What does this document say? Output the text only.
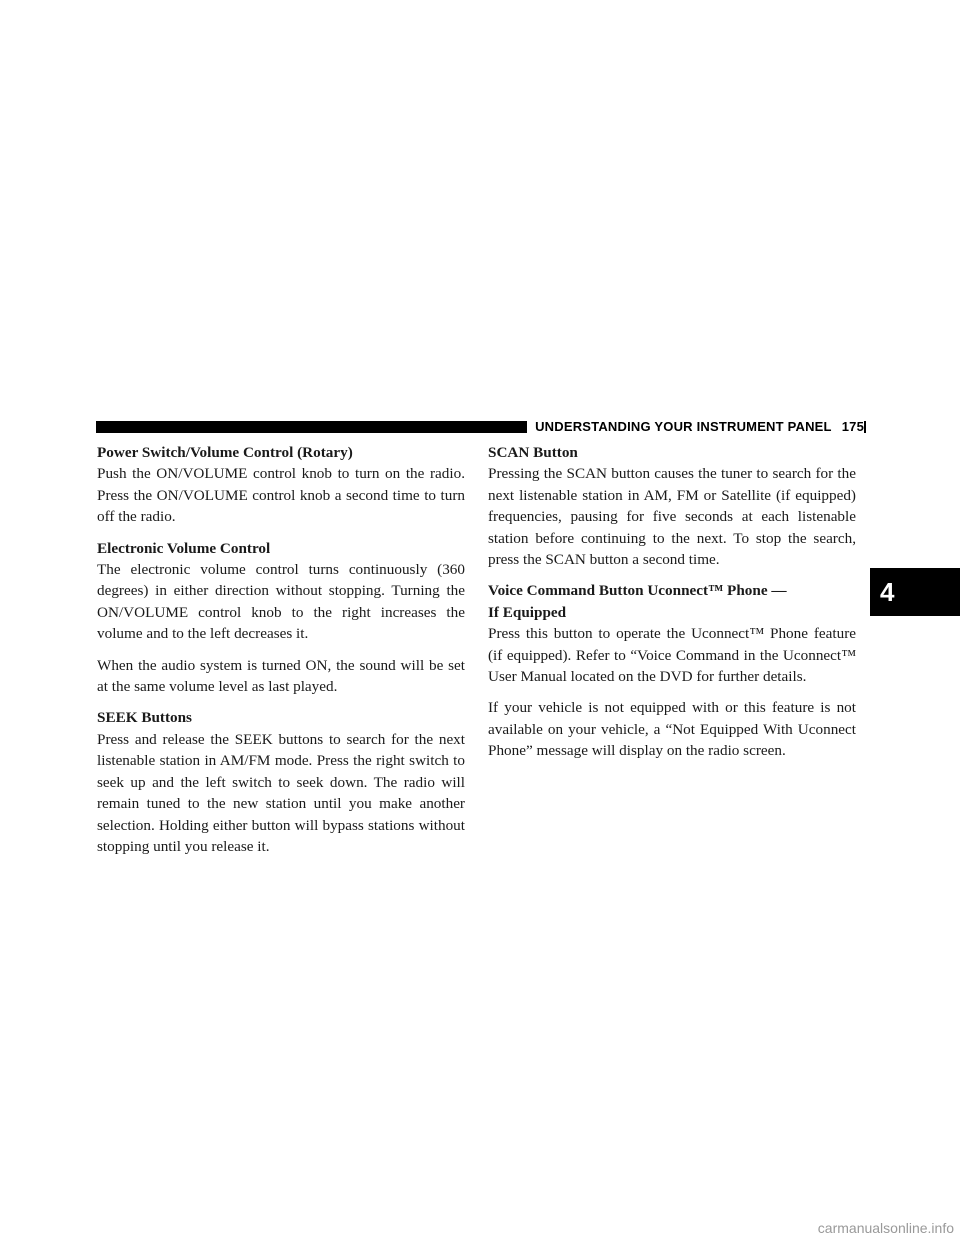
UNDERSTANDING YOUR INSTRUMENT PANEL 175

Power Switch/Volume Control (Rotary)

Push the ON/VOLUME control knob to turn on the radio. Press the ON/VOLUME control knob a second time to turn off the radio.

Electronic Volume Control

The electronic volume control turns continuously (360 degrees) in either direction without stopping. Turning the ON/VOLUME control knob to the right increases the volume and to the left decreases it.

When the audio system is turned ON, the sound will be set at the same volume level as last played.

SEEK Buttons

Press and release the SEEK buttons to search for the next listenable station in AM/FM mode. Press the right switch to seek up and the left switch to seek down. The radio will remain tuned to the new station until you make another selection. Holding either button will bypass stations without stopping until you release it.

SCAN Button

Pressing the SCAN button causes the tuner to search for the next listenable station in AM, FM or Satellite (if equipped) frequencies, pausing for five seconds at each listenable station before continuing to the next. To stop the search, press the SCAN button a second time.

Voice Command Button Uconnect™ Phone —

If Equipped

Press this button to operate the Uconnect™ Phone feature (if equipped). Refer to “Voice Command in the Uconnect™ User Manual located on the DVD for further details.

If your vehicle is not equipped with or this feature is not available on your vehicle, a “Not Equipped With Uconnect Phone” message will display on the radio screen.

4
carmanualsonline.info
